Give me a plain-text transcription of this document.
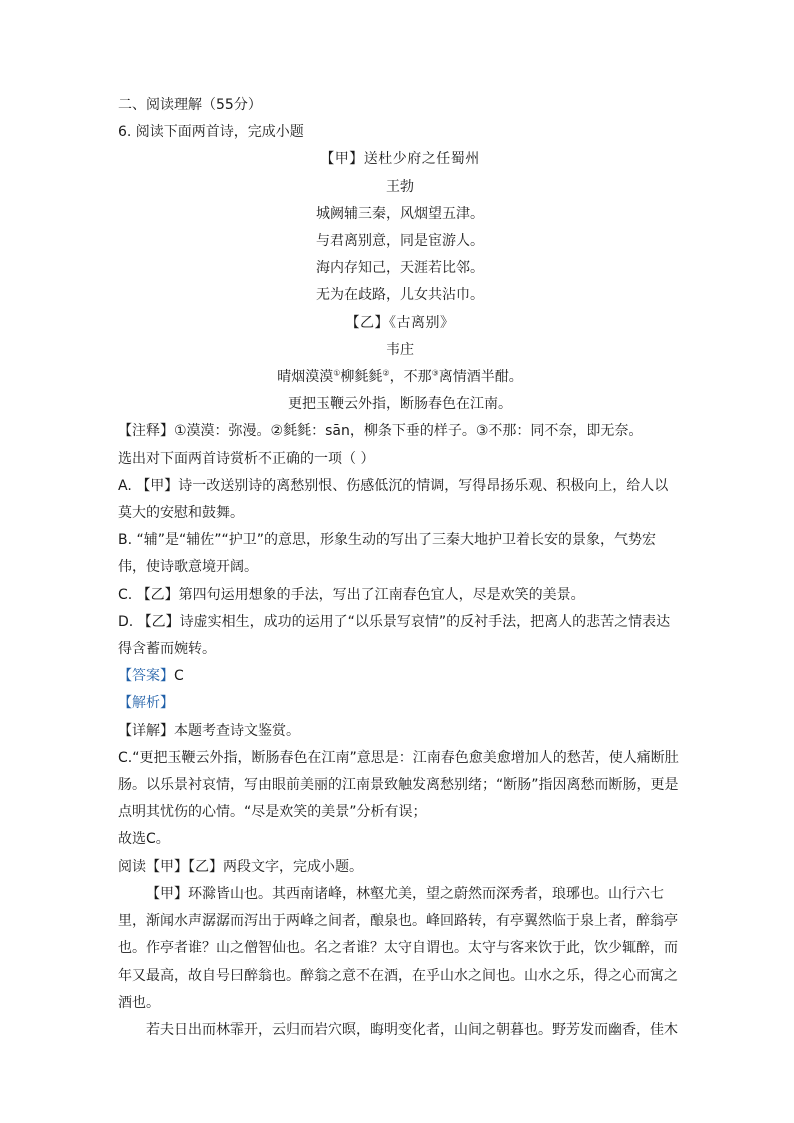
二、阅读理解（55分）
6. 阅读下面两首诗，完成小题
【甲】送杜少府之任蜀州
王勃
城阙辅三秦，风烟望五津。
与君离别意，同是宦游人。
海内存知己，天涯若比邻。
无为在歧路，儿女共沾巾。
【乙】《古离别》
韦庄
晴烟漠漠①柳毵毵②，不那③离情酒半酣。
更把玉鞭云外指，断肠春色在江南。
【注释】①漠漠：弥漫。②毵毵：sān，柳条下垂的样子。③不那：同不奈，即无奈。
选出对下面两首诗赏析不正确的一项（ ）
A. 【甲】诗一改送别诗的离愁别恨、伤感低沉的情调，写得昂扬乐观、积极向上，给人以莫大的安慰和鼓舞。
B. “辅”是“辅佐”“护卫”的意思，形象生动的写出了三秦大地护卫着长安的景象，气势宏伟，使诗歌意境开阔。
C. 【乙】第四句运用想象的手法，写出了江南春色宜人，尽是欢笑的美景。
D. 【乙】诗虚实相生，成功的运用了“以乐景写哀情”的反衬手法，把离人的悲苦之情表达得含蓄而婉转。
【答案】C
【解析】
【详解】本题考查诗文鉴赏。
C.“更把玉鞭云外指，断肠春色在江南”意思是：江南春色愈美愈增加人的愁苦，使人痛断肚肠。以乐景衬哀情，写由眼前美丽的江南景致触发离愁别绪；“断肠”指因离愁而断肠，更是点明其忧伤的心情。“尽是欢笑的美景”分析有误；
故选C。
阅读【甲】【乙】两段文字，完成小题。
【甲】环滁皆山也。其西南诸峰，林壑尤美，望之蔚然而深秀者，琅琊也。山行六七里，渐闻水声潺潺而泻出于两峰之间者，酿泉也。峰回路转，有亭翼然临于泉上者，醉翁亭也。作亭者谁？山之僧智仙也。名之者谁？太守自谓也。太守与客来饮于此，饮少辄醉，而年又最高，故自号曰醉翁也。醉翁之意不在酒，在乎山水之间也。山水之乐，得之心而寓之酒也。
若夫日出而林霏开，云归而岩穴暝，晦明变化者，山间之朝暮也。野芳发而幽香，佳木
